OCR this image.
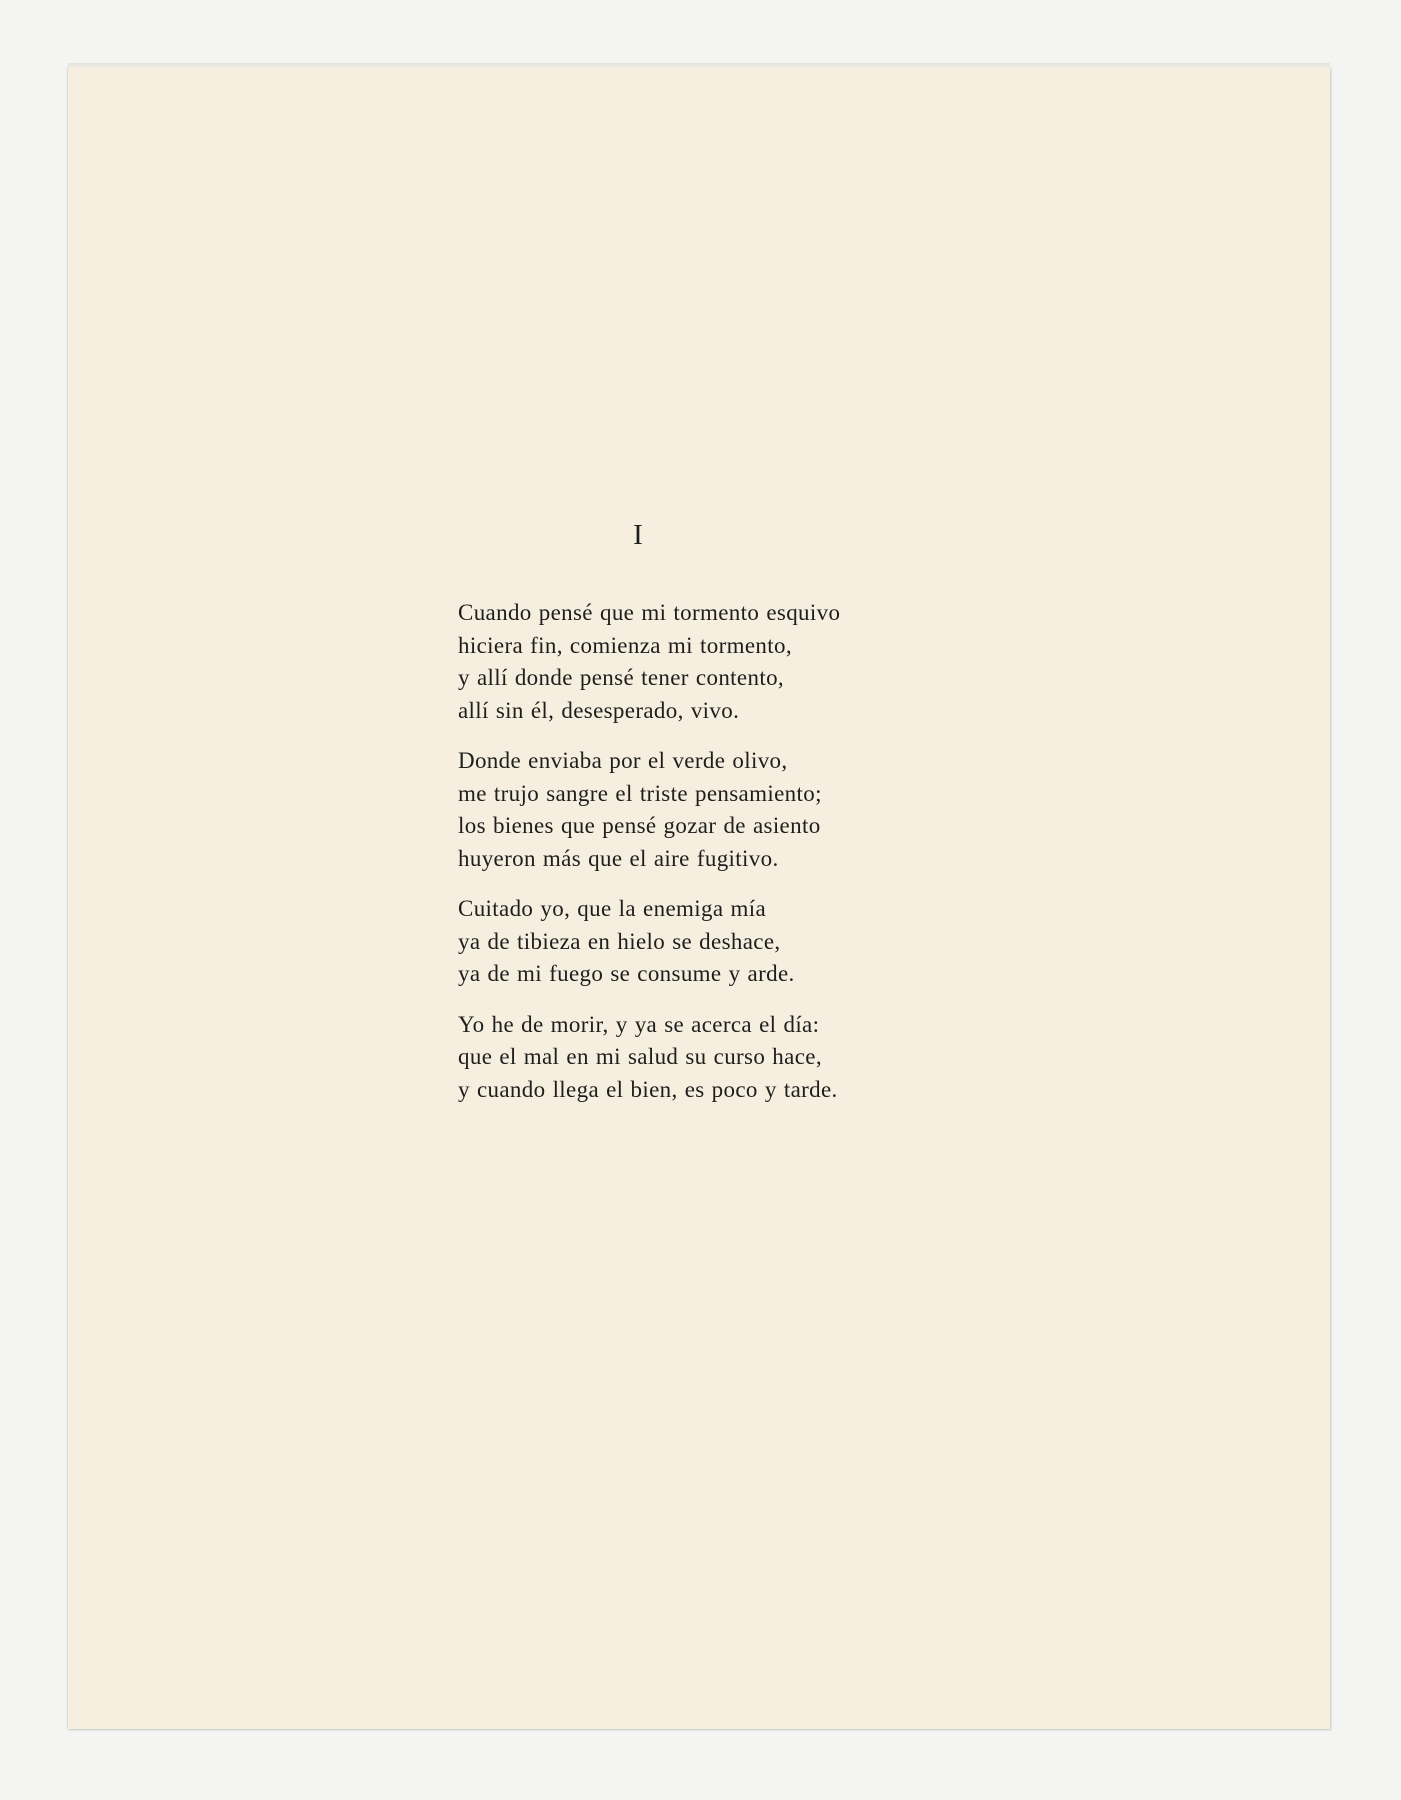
I
Cuando pensé que mi tormento esquivo
hiciera fin, comienza mi tormento,
y allí donde pensé tener contento,
allí sin él, desesperado, vivo.
Donde enviaba por el verde olivo,
me trujo sangre el triste pensamiento;
los bienes que pensé gozar de asiento
huyeron más que el aire fugitivo.
Cuitado yo, que la enemiga mía
ya de tibieza en hielo se deshace,
ya de mi fuego se consume y arde.
Yo he de morir, y ya se acerca el día:
que el mal en mi salud su curso hace,
y cuando llega el bien, es poco y tarde.
